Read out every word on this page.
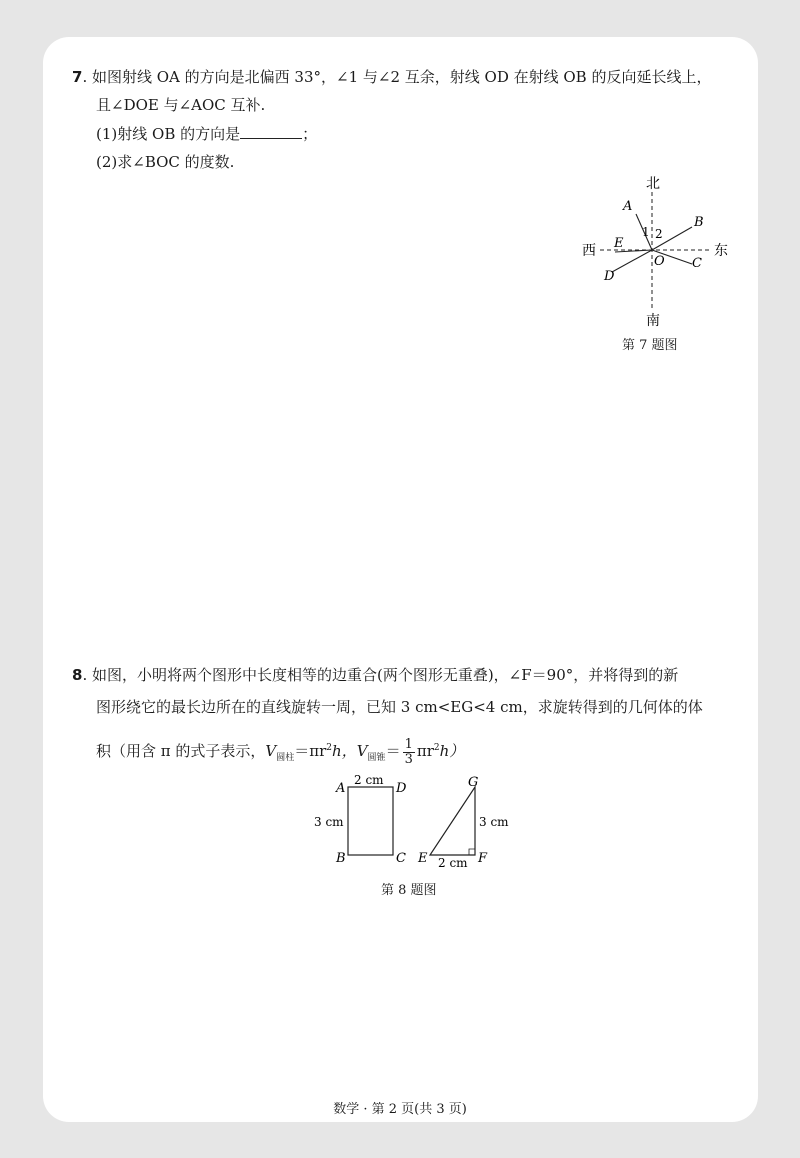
7. 如图射线 OA 的方向是北偏西 33°，∠1 与∠2 互余，射线 OD 在射线 OB 的反向延长线上，
且∠DOE 与∠AOC 互补.
(1)射线 OB 的方向是	；
(2)求∠BOC 的度数.
北
南
西	东
A
B
C
D
E
O
1 2
第 7 题图
8. 如图，小明将两个图形中长度相等的边重合(两个图形无重叠)，∠F＝90°，并将得到的新
图形绕它的最长边所在的直线旋转一周，已知 3 cm<EG<4 cm，求旋转得到的几何体的体
积（用含 π 的式子表示，$V_{圆柱}=\pi r^2h$，$V_{圆锥}= \frac{1}{3} \pi r^2h$）
A	D
B	C
2 cm
3 cm
G
E	F
3 cm
2 cm
第 8 题图
数学 · 第 2 页(共 3 页)
